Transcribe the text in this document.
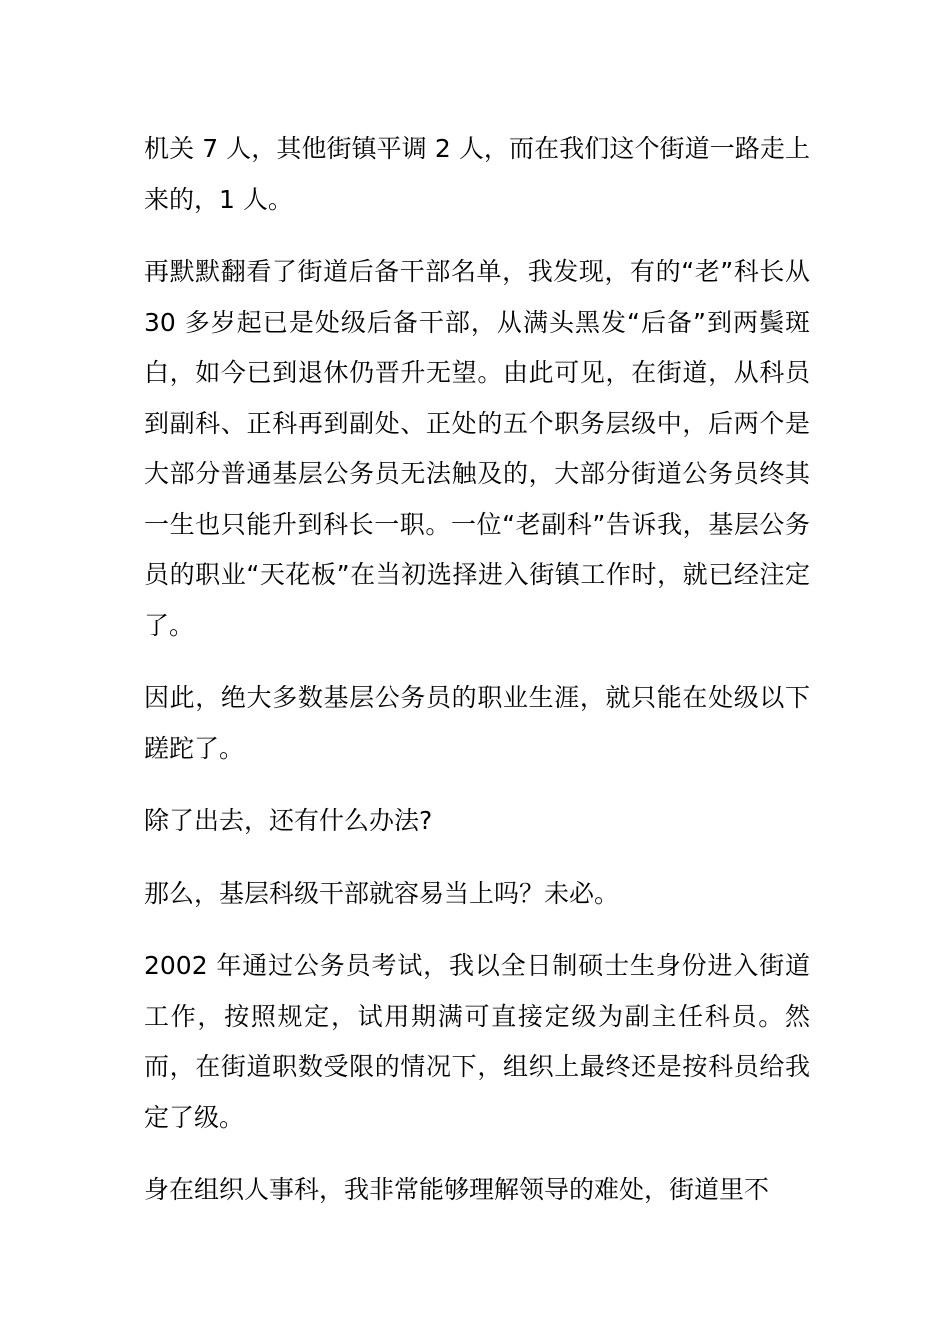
机关 7 人，其他街镇平调 2 人，而在我们这个街道一路走上来的，1 人。

再默默翻看了街道后备干部名单，我发现，有的“老”科长从 30 多岁起已是处级后备干部，从满头黑发“后备”到两鬓斑白，如今已到退休仍晋升无望。由此可见，在街道，从科员到副科、正科再到副处、正处的五个职务层级中，后两个是大部分普通基层公务员无法触及的，大部分街道公务员终其一生也只能升到科长一职。一位“老副科”告诉我，基层公务员的职业“天花板”在当初选择进入街镇工作时，就已经注定了。

因此，绝大多数基层公务员的职业生涯，就只能在处级以下蹉跎了。

除了出去，还有什么办法?

那么，基层科级干部就容易当上吗？未必。

2002 年通过公务员考试，我以全日制硕士生身份进入街道工作，按照规定，试用期满可直接定级为副主任科员。然而，在街道职数受限的情况下，组织上最终还是按科员给我定了级。

身在组织人事科，我非常能够理解领导的难处，街道里不
